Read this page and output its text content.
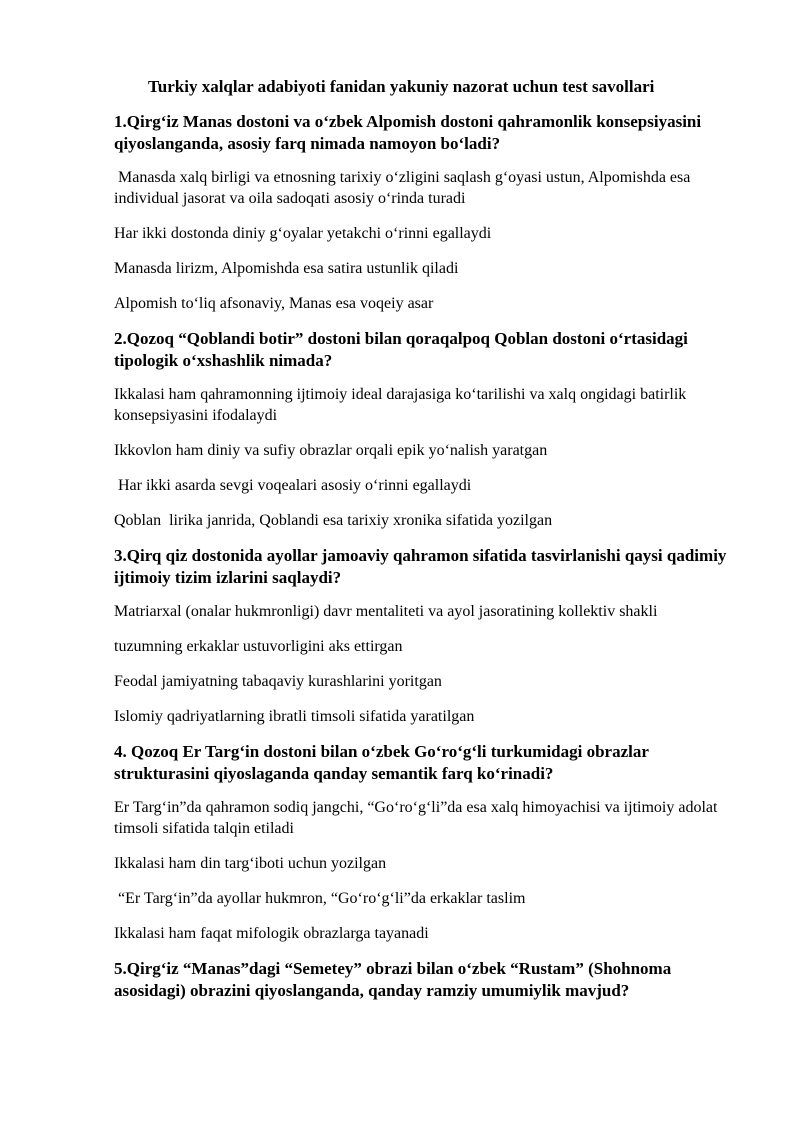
Turkiy xalqlar adabiyoti fanidan yakuniy nazorat uchun test savollari
1.Qirg‘iz Manas dostoni va o‘zbek Alpomish dostoni qahramonlik konsepsiyasini qiyoslanganda, asosiy farq nimada namoyon bo‘ladi?
Manasda xalq birligi va etnosning tarixiy o‘zligini saqlash g‘oyasi ustun, Alpomishda esa individual jasorat va oila sadoqati asosiy o‘rinda turadi
Har ikki dostonda diniy g‘oyalar yetakchi o‘rinni egallaydi
Manasda lirizm, Alpomishda esa satira ustunlik qiladi
Alpomish to‘liq afsonaviy, Manas esa voqeiy asar
2.Qozoq “Qoblandi botir” dostoni bilan qoraqalpoq Qoblan dostoni o‘rtasidagi tipologik o‘xshashlik nimada?
Ikkalasi ham qahramonning ijtimoiy ideal darajasiga ko‘tarilishi va xalq ongidagi batirlik konsepsiyasini ifodalaydi
Ikkovlon ham diniy va sufiy obrazlar orqali epik yo‘nalish yaratgan
Har ikki asarda sevgi voqealari asosiy o‘rinni egallaydi
Qoblan  lirika janrida, Qoblandi esa tarixiy xronika sifatida yozilgan
3.Qirq qiz dostonida ayollar jamoaviy qahramon sifatida tasvirlanishi qaysi qadimiy ijtimoiy tizim izlarini saqlaydi?
Matriarxal (onalar hukmronligi) davr mentaliteti va ayol jasoratining kollektiv shakli
tuzumning erkaklar ustuvorligini aks ettirgan
Feodal jamiyatning tabaqaviy kurashlarini yoritgan
Islomiy qadriyatlarning ibratli timsoli sifatida yaratilgan
4. Qozoq Er Targ‘in dostoni bilan o‘zbek Go‘ro‘g‘li turkumidagi obrazlar strukturasini qiyoslaganda qanday semantik farq ko‘rinadi?
Er Targ‘in”da qahramon sodiq jangchi, “Go‘ro‘g‘li”da esa xalq himoyachisi va ijtimoiy adolat timsoli sifatida talqin etiladi
Ikkalasi ham din targ‘iboti uchun yozilgan
“Er Targ‘in”da ayollar hukmron, “Go‘ro‘g‘li”da erkaklar taslim
Ikkalasi ham faqat mifologik obrazlarga tayanadi
5.Qirg‘iz “Manas”dagi “Semetey” obrazi bilan o‘zbek “Rustam” (Shohnoma asosidagi) obrazini qiyoslanganda, qanday ramziy umumiylik mavjud?
